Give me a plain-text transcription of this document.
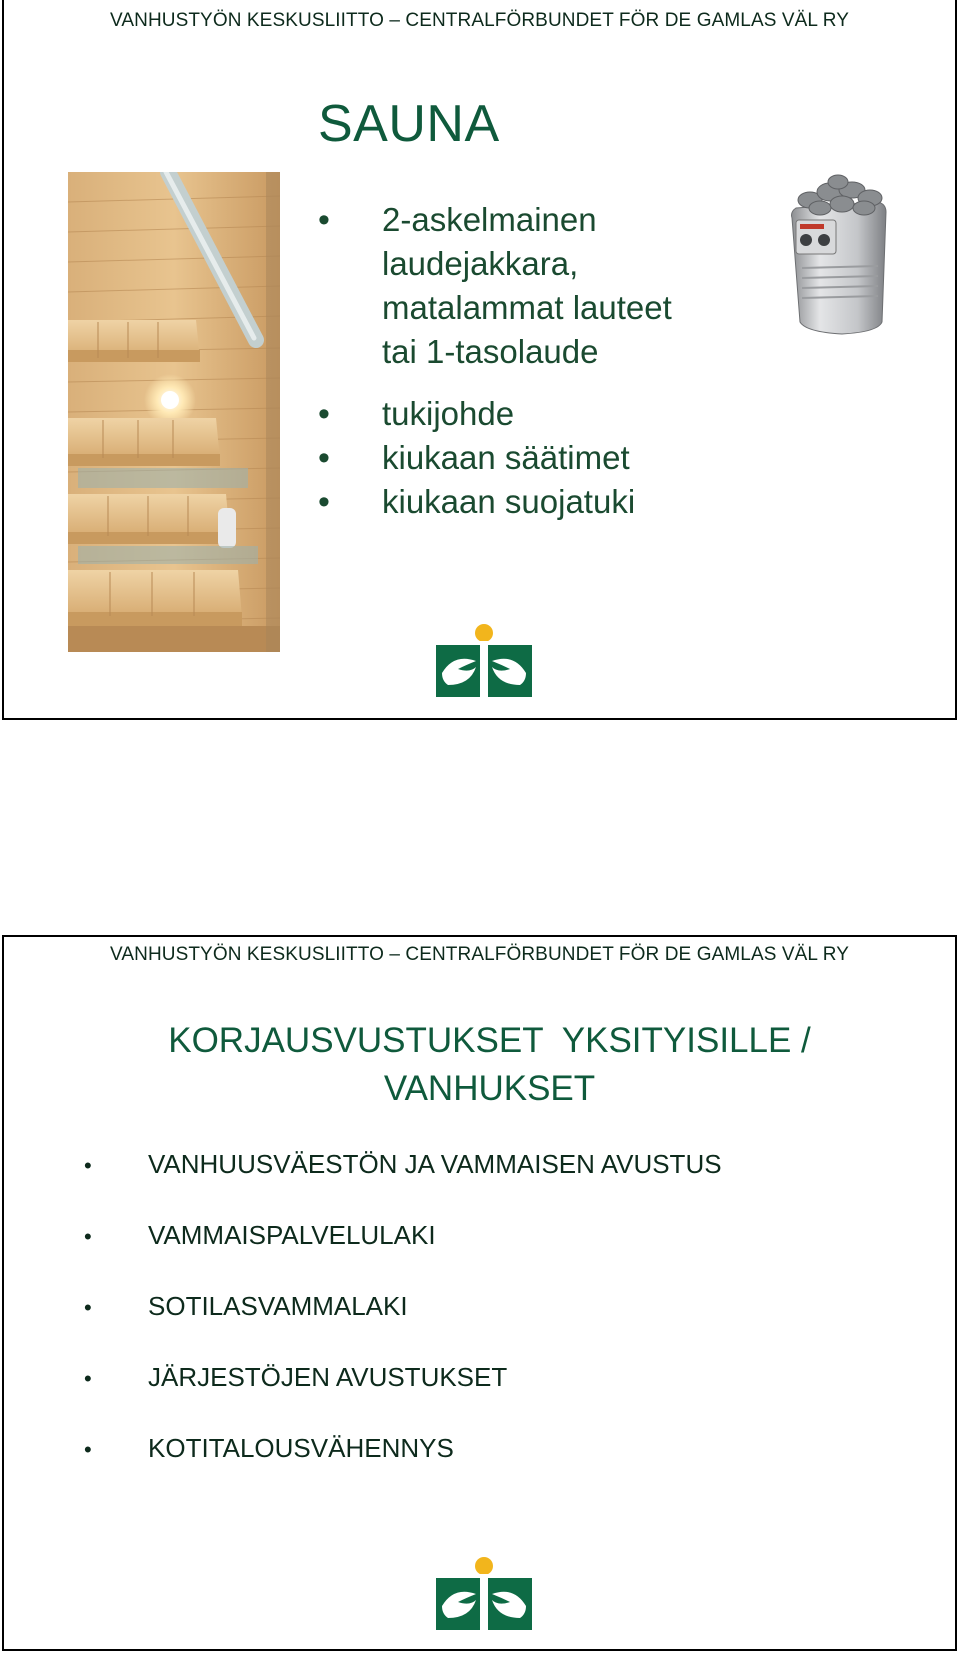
VANHUSTYÖN KESKUSLIITTO – CENTRALFÖRBUNDET FÖR DE GAMLAS VÄL RY
SAUNA
• 2-askelmainen
laudejakkara,
matalammat lauteet
tai 1-tasolaude
• tukijohde
• kiukaan säätimet
• kiukaan suojatuki
VANHUSTYÖN KESKUSLIITTO – CENTRALFÖRBUNDET FÖR DE GAMLAS VÄL RY
KORJAUSVUSTUKSET  YKSITYISILLE /
VANHUKSET
• VANHUUSVÄESTÖN JA VAMMAISEN AVUSTUS
• VAMMAISPALVELULAKI
• SOTILASVAMMALAKI
• JÄRJESTÖJEN AVUSTUKSET
• KOTITALOUSVÄHENNYS
